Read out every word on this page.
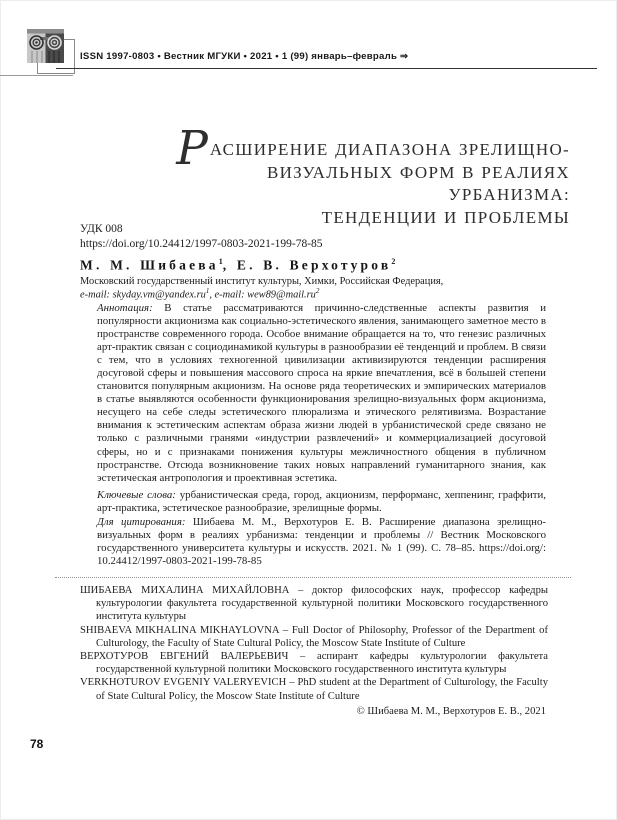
ISSN 1997-0803 • Вестник МГУКИ • 2021 • 1 (99) январь–февраль ⇒
РАСШИРЕНИЕ ДИАПАЗОНА ЗРЕЛИЩНО-
ВИЗУАЛЬНЫХ ФОРМ В РЕАЛИЯХ УРБАНИЗМА:
ТЕНДЕНЦИИ И ПРОБЛЕМЫ
УДК 008
https://doi.org/10.24412/1997-0803-2021-199-78-85
М. М. Шибаева$^1$, Е. В. Верхотуров$^2$
Московский государственный институт культуры, Химки, Российская Федерация,
e-mail: $skyday.vm@yandex.ru^1$, e-mail: $wew89@mail.ru^2$
Аннотация: В статье рассматриваются причинно-следственные аспекты развития и популярности акционизма как социально-эстетического явления, занимающего заметное место в пространстве современного города. Особое внимание обращается на то, что генезис различных арт-практик связан с социодинамикой культуры в разнообразии её тенденций и проблем. В связи с тем, что в условиях техногенной цивилизации активизируются тенденции расширения досуговой сферы и повышения массового спроса на яркие впечатления, всё в большей степени становится популярным акционизм. На основе ряда теоретических и эмпирических материалов в статье выявляются особенности функционирования зрелищно-визуальных форм акционизма, несущего на себе следы эстетического плюрализма и этического релятивизма. Возрастание внимания к эстетическим аспектам образа жизни людей в урбанистической среде связано не только с различными гранями «индустрии развлечений» и коммерциализацией досуговой сферы, но и с признаками понижения культуры межличностного общения в публичном пространстве. Отсюда возникновение таких новых направлений гуманитарного знания, как эстетическая антропология и проективная эстетика.
Ключевые слова: урбанистическая среда, город, акционизм, перформанс, хеппенинг, граффити, арт-практика, эстетическое разнообразие, зрелищные формы.
Для цитирования: Шибаева М. М., Верхотуров Е. В. Расширение диапазона зрелищно-визуальных форм в реалиях урбанизма: тенденции и проблемы // Вестник Московского государственного университета культуры и искусств. 2021. № 1 (99). С. 78–85. https://doi.org/: 10.24412/1997-0803-2021-199-78-85

ШИБАЕВА МИХАЛИНА МИХАЙЛОВНА – доктор философских наук, профессор кафедры культурологии факультета государственной культурной политики Московского государственного института культуры

SHIBAEVA MIKHALINA MIKHAYLOVNA – Full Doctor of Philosophy, Professor of the Department of Culturology, the Faculty of State Cultural Policy, the Moscow State Institute of Culture

ВЕРХОТУРОВ ЕВГЕНИЙ ВАЛЕРЬЕВИЧ – аспирант кафедры культурологии факультета государственной культурной политики Московского государственного института культуры

VERKHOTUROV EVGENIY VALERYEVICH – PhD student at the Department of Culturology, the Faculty of State Cultural Policy, the Moscow State Institute of Culture

© Шибаева М. М., Верхотуров Е. В., 2021
78
